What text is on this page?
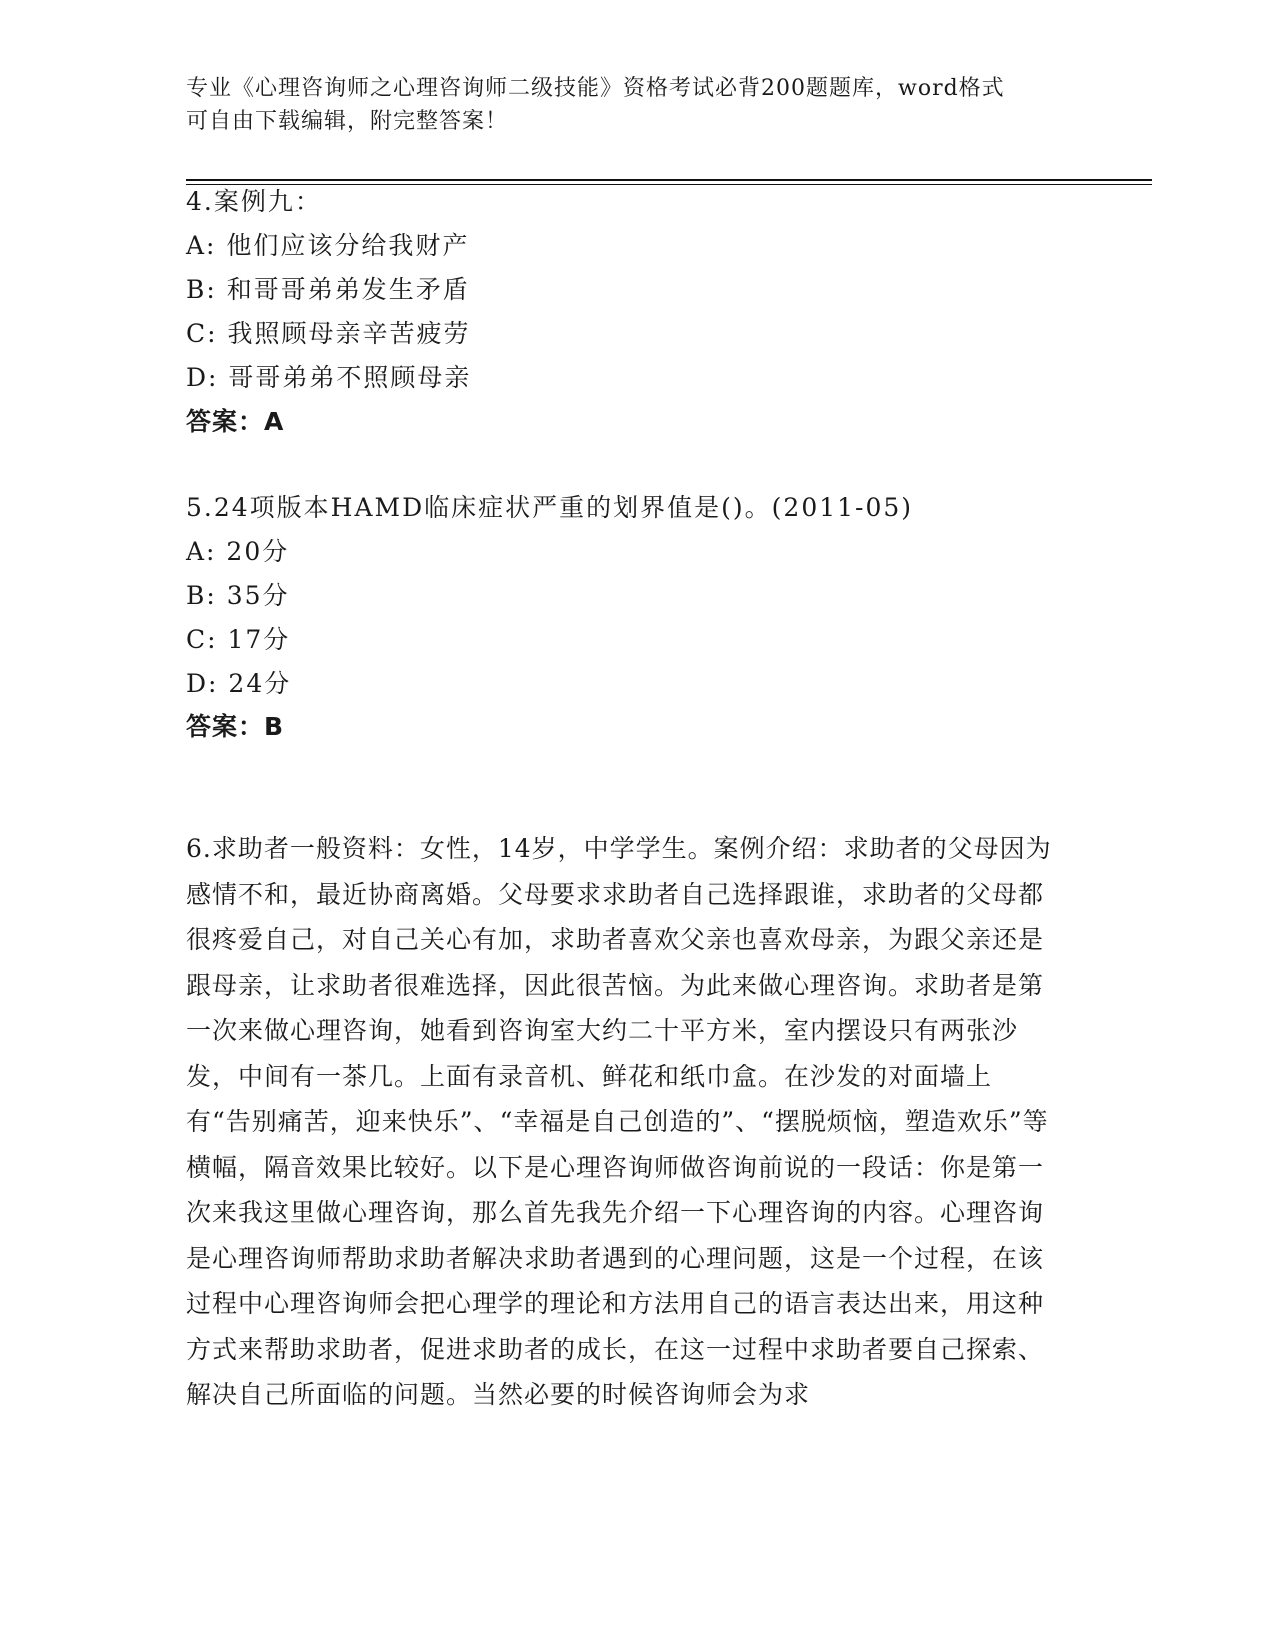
专业《心理咨询师之心理咨询师二级技能》资格考试必背200题题库，word格式
可自由下载编辑，附完整答案！
4.案例九：
A: 他们应该分给我财产
B: 和哥哥弟弟发生矛盾
C: 我照顾母亲辛苦疲劳
D: 哥哥弟弟不照顾母亲
答案：A
5.24项版本HAMD临床症状严重的划界值是()。(2011-05)
A: 20分
B: 35分
C: 17分
D: 24分
答案：B
6.求助者一般资料：女性，14岁，中学学生。案例介绍：求助者的父母因为感情不和，最近协商离婚。父母要求求助者自己选择跟谁，求助者的父母都很疼爱自己，对自己关心有加，求助者喜欢父亲也喜欢母亲，为跟父亲还是跟母亲，让求助者很难选择，因此很苦恼。为此来做心理咨询。求助者是第一次来做心理咨询，她看到咨询室大约二十平方米，室内摆设只有两张沙发，中间有一茶几。上面有录音机、鲜花和纸巾盒。在沙发的对面墙上有“告别痛苦，迎来快乐”、“幸福是自己创造的”、“摆脱烦恼，塑造欢乐”等横幅，隔音效果比较好。以下是心理咨询师做咨询前说的一段话：你是第一次来我这里做心理咨询，那么首先我先介绍一下心理咨询的内容。心理咨询是心理咨询师帮助求助者解决求助者遇到的心理问题，这是一个过程，在该过程中心理咨询师会把心理学的理论和方法用自己的语言表达出来，用这种方式来帮助求助者，促进求助者的成长，在这一过程中求助者要自己探索、解决自己所面临的问题。当然必要的时候咨询师会为求
